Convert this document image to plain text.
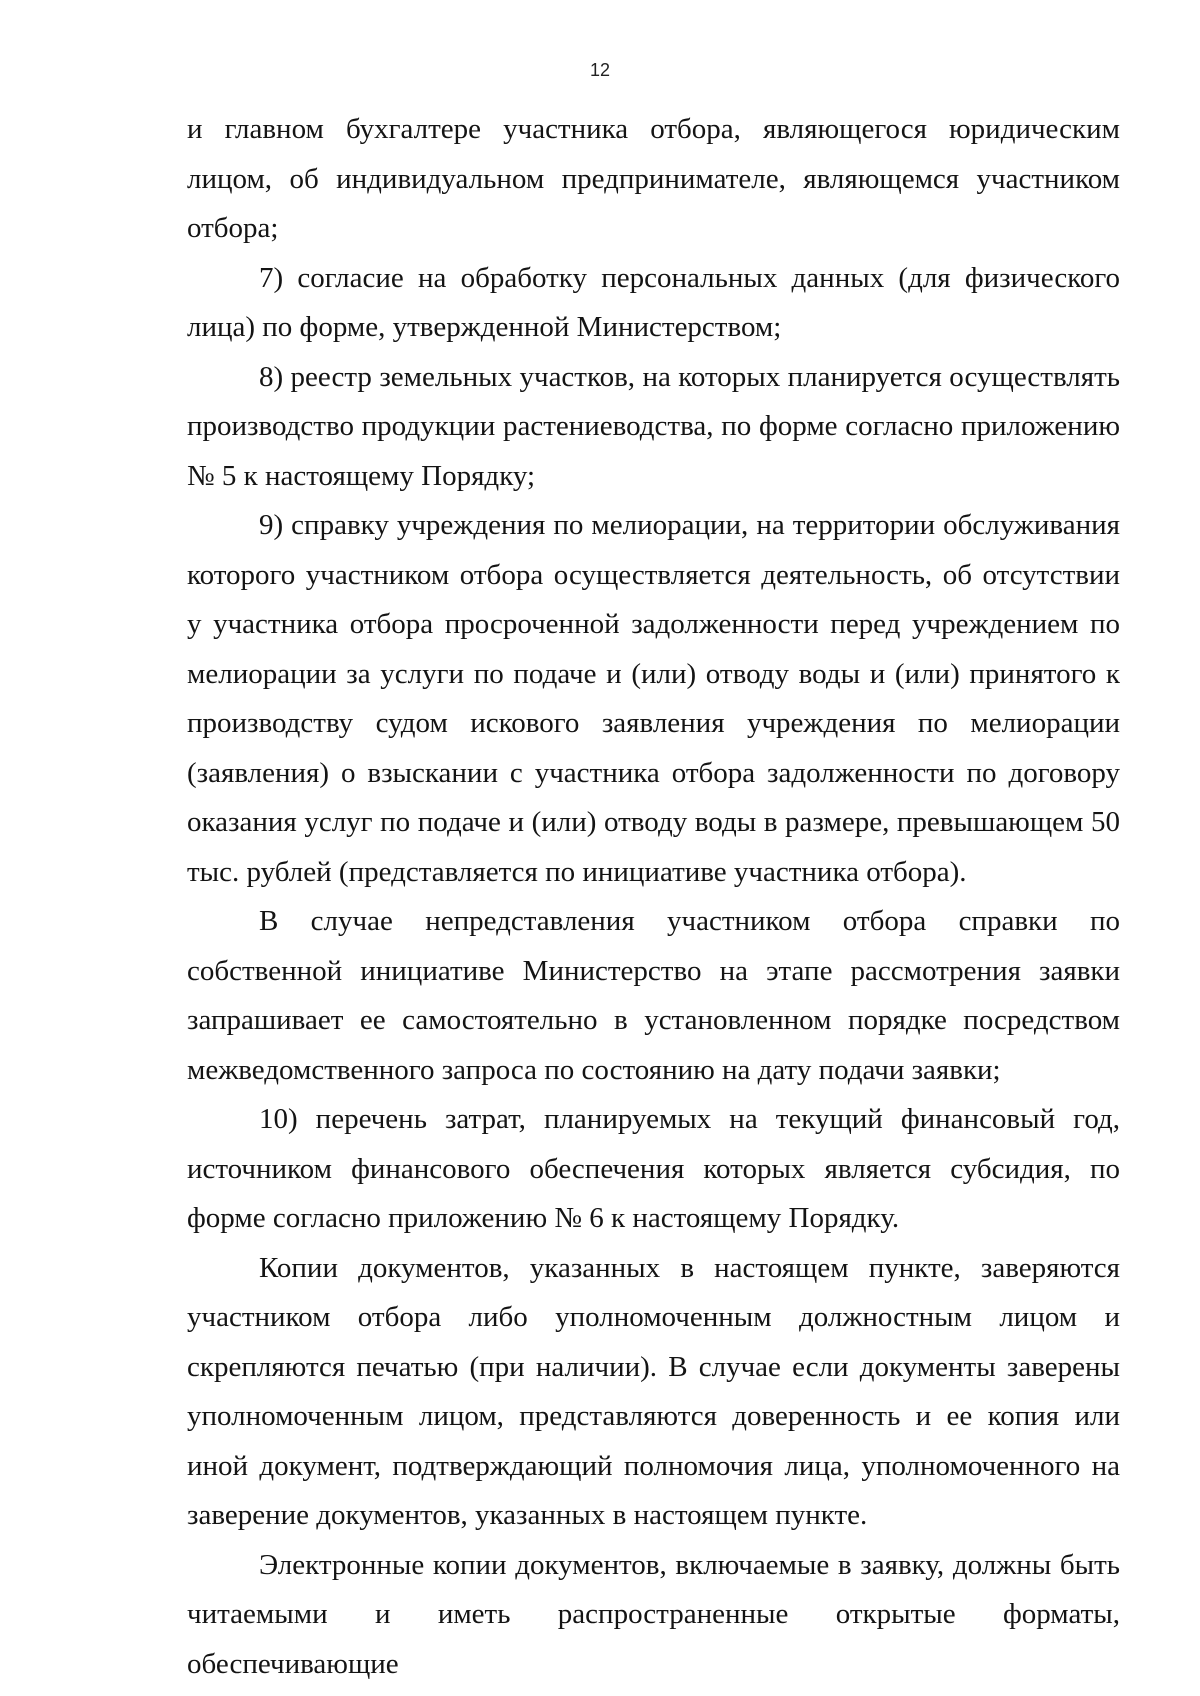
12

и главном бухгалтере участника отбора, являющегося юридическим лицом, об индивидуальном предпринимателе, являющемся участником отбора;

7) согласие на обработку персональных данных (для физического лица) по форме, утвержденной Министерством;

8) реестр земельных участков, на которых планируется осуществлять производство продукции растениеводства, по форме согласно приложению № 5 к настоящему Порядку;

9) справку учреждения по мелиорации, на территории обслуживания которого участником отбора осуществляется деятельность, об отсутствии у участника отбора просроченной задолженности перед учреждением по мелиорации за услуги по подаче и (или) отводу воды и (или) принятого к производству судом искового заявления учреждения по мелиорации (заявления) о взыскании с участника отбора задолженности по договору оказания услуг по подаче и (или) отводу воды в размере, превышающем 50 тыс. рублей (представляется по инициативе участника отбора).

В случае непредставления участником отбора справки по собственной инициативе Министерство на этапе рассмотрения заявки запрашивает ее самостоятельно в установленном порядке посредством межведомственного запроса по состоянию на дату подачи заявки;

10) перечень затрат, планируемых на текущий финансовый год, источником финансового обеспечения которых является субсидия, по форме согласно приложению № 6 к настоящему Порядку.

Копии документов, указанных в настоящем пункте, заверяются участником отбора либо уполномоченным должностным лицом и скрепляются печатью (при наличии). В случае если документы заверены уполномоченным лицом, представляются доверенность и ее копия или иной документ, подтверждающий полномочия лица, уполномоченного на заверение документов, указанных в настоящем пункте.

Электронные копии документов, включаемые в заявку, должны быть читаемыми и иметь распространенные открытые форматы, обеспечивающие
